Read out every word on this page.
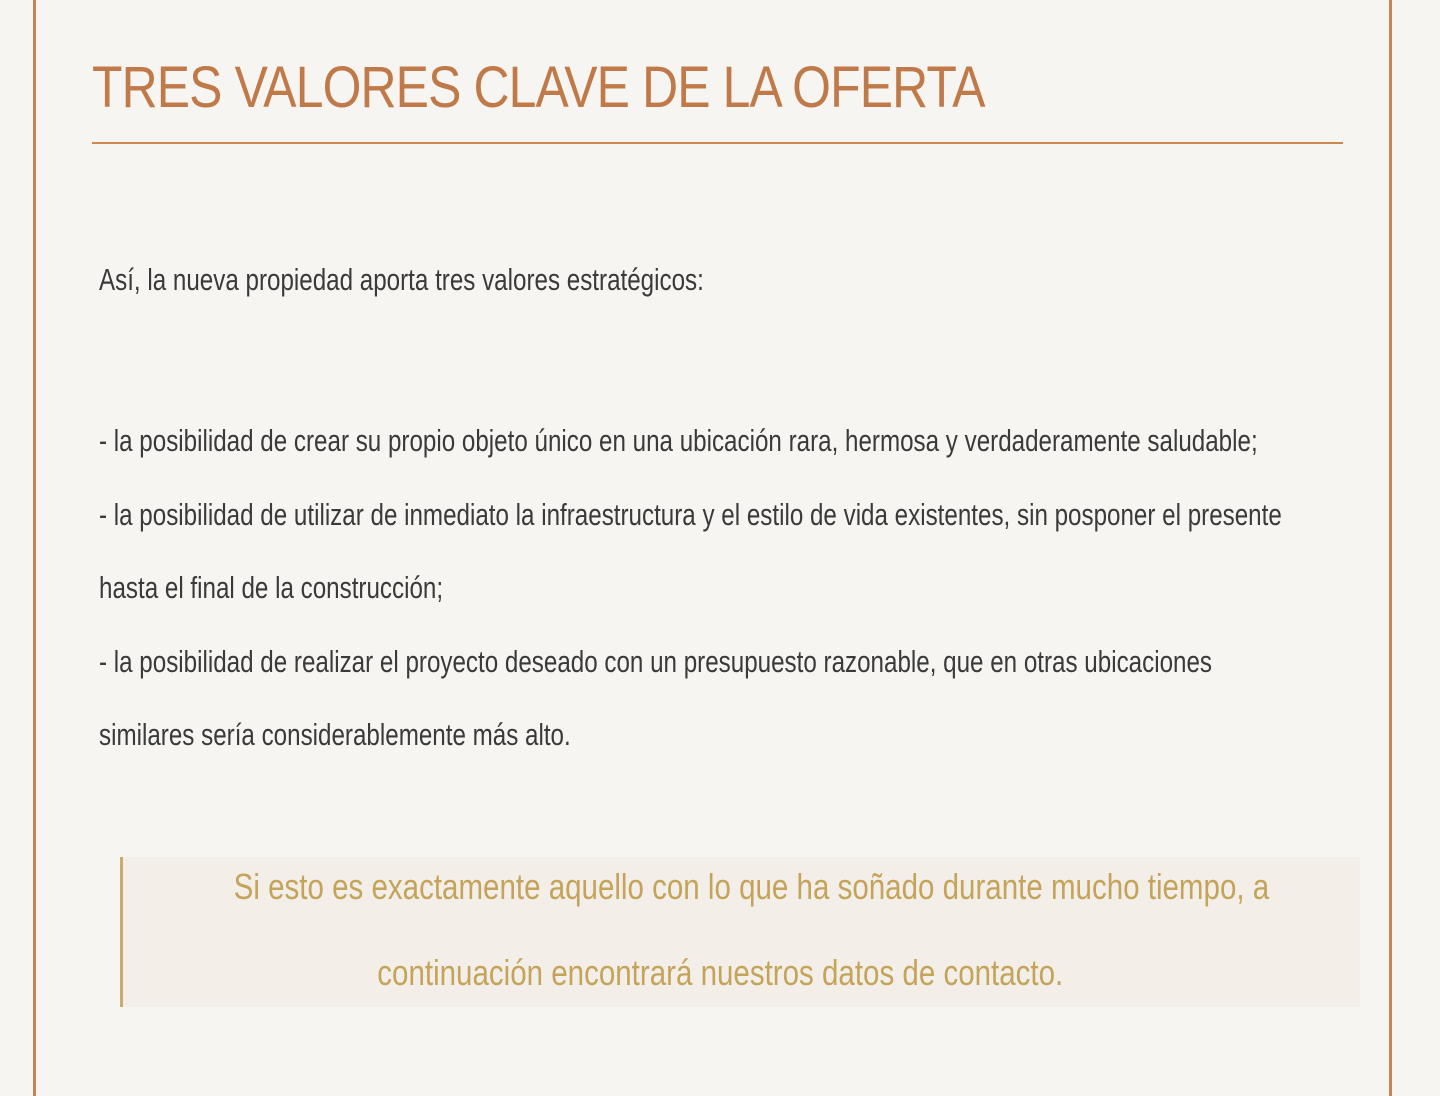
TRES VALORES CLAVE DE LA OFERTA

Así, la nueva propiedad aporta tres valores estratégicos:

- la posibilidad de crear su propio objeto único en una ubicación rara, hermosa y verdaderamente saludable;
- la posibilidad de utilizar de inmediato la infraestructura y el estilo de vida existentes, sin posponer el presente
hasta el final de la construcción;
- la posibilidad de realizar el proyecto deseado con un presupuesto razonable, que en otras ubicaciones
similares sería considerablemente más alto.
Si esto es exactamente aquello con lo que ha soñado durante mucho tiempo, a
continuación encontrará nuestros datos de contacto.
